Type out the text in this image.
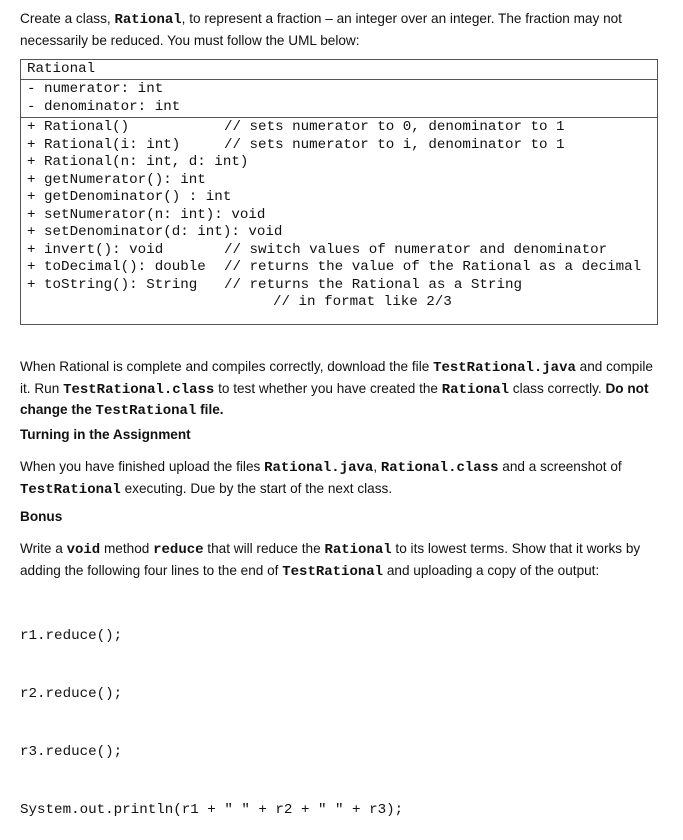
Create a class, Rational, to represent a fraction – an integer over an integer. The fraction may not necessarily be reduced. You must follow the UML below:
Rational
- numerator: int
- denominator: int
+ Rational()	// sets numerator to 0, denominator to 1
+ Rational(i: int)	// sets numerator to i, denominator to 1
+ Rational(n: int, d: int)
+ getNumerator(): int
+ getDenominator() : int
+ setNumerator(n: int): void
+ setDenominator(d: int): void
+ invert(): void	// switch values of numerator and denominator
+ toDecimal(): double // returns the value of the Rational as a decimal
+ toString(): String // returns the Rational as a String
// in format like 2/3
When Rational is complete and compiles correctly, download the file TestRational.java and compile it. Run TestRational.class to test whether you have created the Rational class correctly. Do not change the TestRational file.
Turning in the Assignment
When you have finished upload the files Rational.java, Rational.class and a screenshot of TestRational executing. Due by the start of the next class.
Bonus
Write a void method reduce that will reduce the Rational to its lowest terms. Show that it works by adding the following four lines to the end of TestRational and uploading a copy of the output:

r1.reduce();

r2.reduce();

r3.reduce();

System.out.println(r1 + " " + r2 + " " + r3);
